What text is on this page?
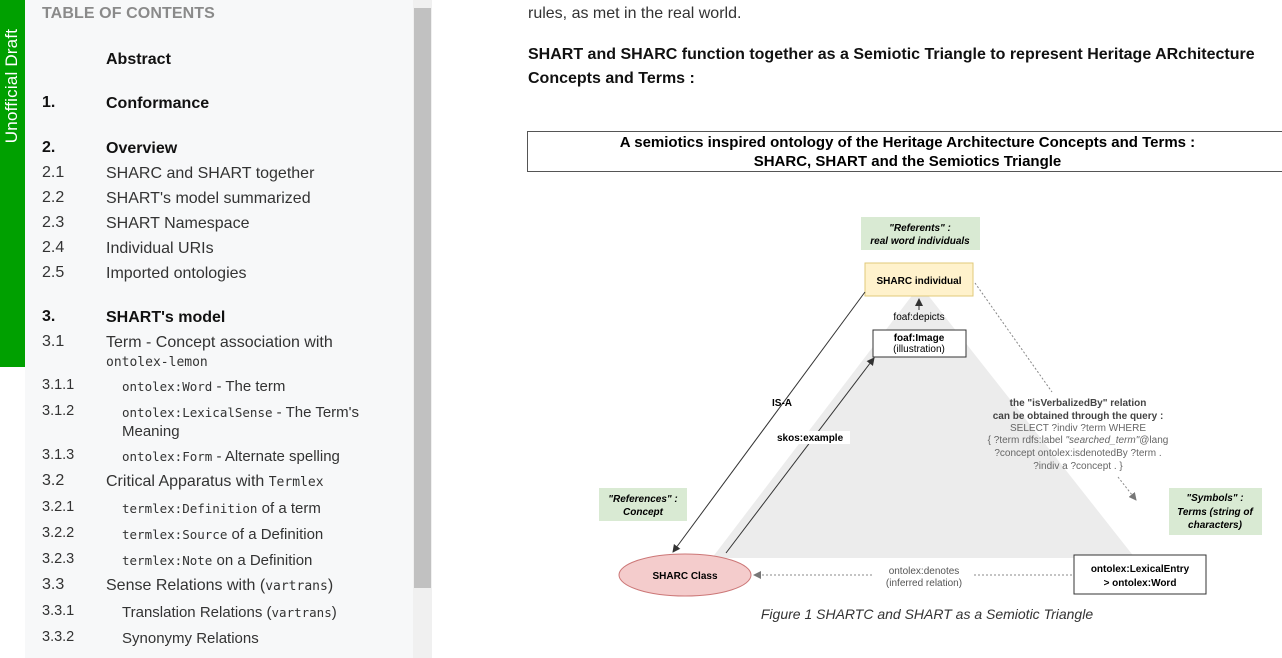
Unofficial Draft
TABLE OF CONTENTS
Abstract
1.	Conformance
2.	Overview
2.1	SHARC and SHART together
2.2	SHART's model summarized
2.3	SHART Namespace
2.4	Individual URIs
2.5	Imported ontologies
3.	SHART's model
3.1	Term - Concept association with
ontolex-lemon
3.1.1	ontolex:Word - The term
3.1.2	ontolex:LexicalSense - The Term's Meaning
3.1.3	ontolex:Form - Alternate spelling
3.2	Critical Apparatus with Termlex
3.2.1	termlex:Definition of a term
3.2.2	termlex:Source of a Definition
3.2.3	termlex:Note on a Definition
3.3	Sense Relations with (vartrans)
3.3.1	Translation Relations (vartrans)
3.3.2	Synonymy Relations

rules, as met in the real world.

SHART and SHARC function together as a Semiotic Triangle to represent Heritage ARchitecture Concepts and Terms :
A semiotics inspired ontology of the Heritage Architecture Concepts and Terms :
SHARC, SHART and the Semiotics Triangle
"Referents" :
real word individuals
SHARC individual
foaf:depicts
foaf:Image
(illustration)
IS-A
skos:example
the "isVerbalizedBy" relation
can be obtained through the query :
SELECT ?indiv ?term WHERE
{ ?term rdfs:label "searched_term"@lang
?concept ontolex:isdenotedBy ?term .
?indiv a ?concept . }
"References" :
Concept
"Symbols" :
Terms (string of
characters)
SHARC Class	ontolex:denotes
(inferred relation)
ontolex:LexicalEntry
> ontolex:Word
Figure 1 SHARTC and SHART as a Semiotic Triangle
